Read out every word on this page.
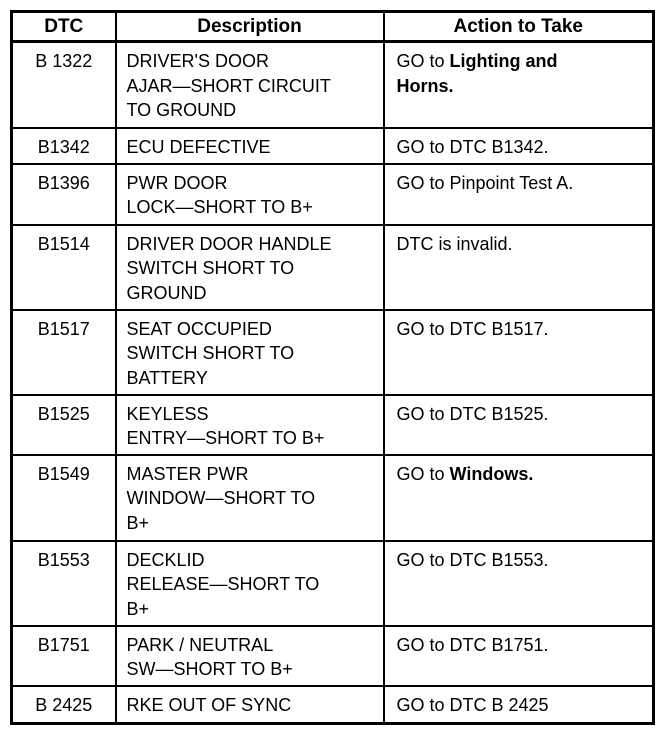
DTC	Description	Action to Take
B 1322	DRIVER'S DOOR
AJAR—SHORT CIRCUIT
TO GROUND	GO to Lighting and
Horns.

B1342	ECU DEFECTIVE	GO to DTC B1342.
B1396	PWR DOOR
LOCK—SHORT TO B+	GO to Pinpoint Test A.
B1514	DRIVER DOOR HANDLE
SWITCH SHORT TO
GROUND	DTC is invalid.
B1517	SEAT OCCUPIED
SWITCH SHORT TO
BATTERY	GO to DTC B1517.
B1525	KEYLESS
ENTRY—SHORT TO B+	GO to DTC B1525.
B1549	MASTER PWR
WINDOW—SHORT TO
B+	GO to Windows.

B1553	DECKLID
RELEASE—SHORT TO
B+	GO to DTC B1553.
B1751	PARK / NEUTRAL
SW—SHORT TO B+	GO to DTC B1751.
B 2425	RKE OUT OF SYNC	GO to DTC B 2425
